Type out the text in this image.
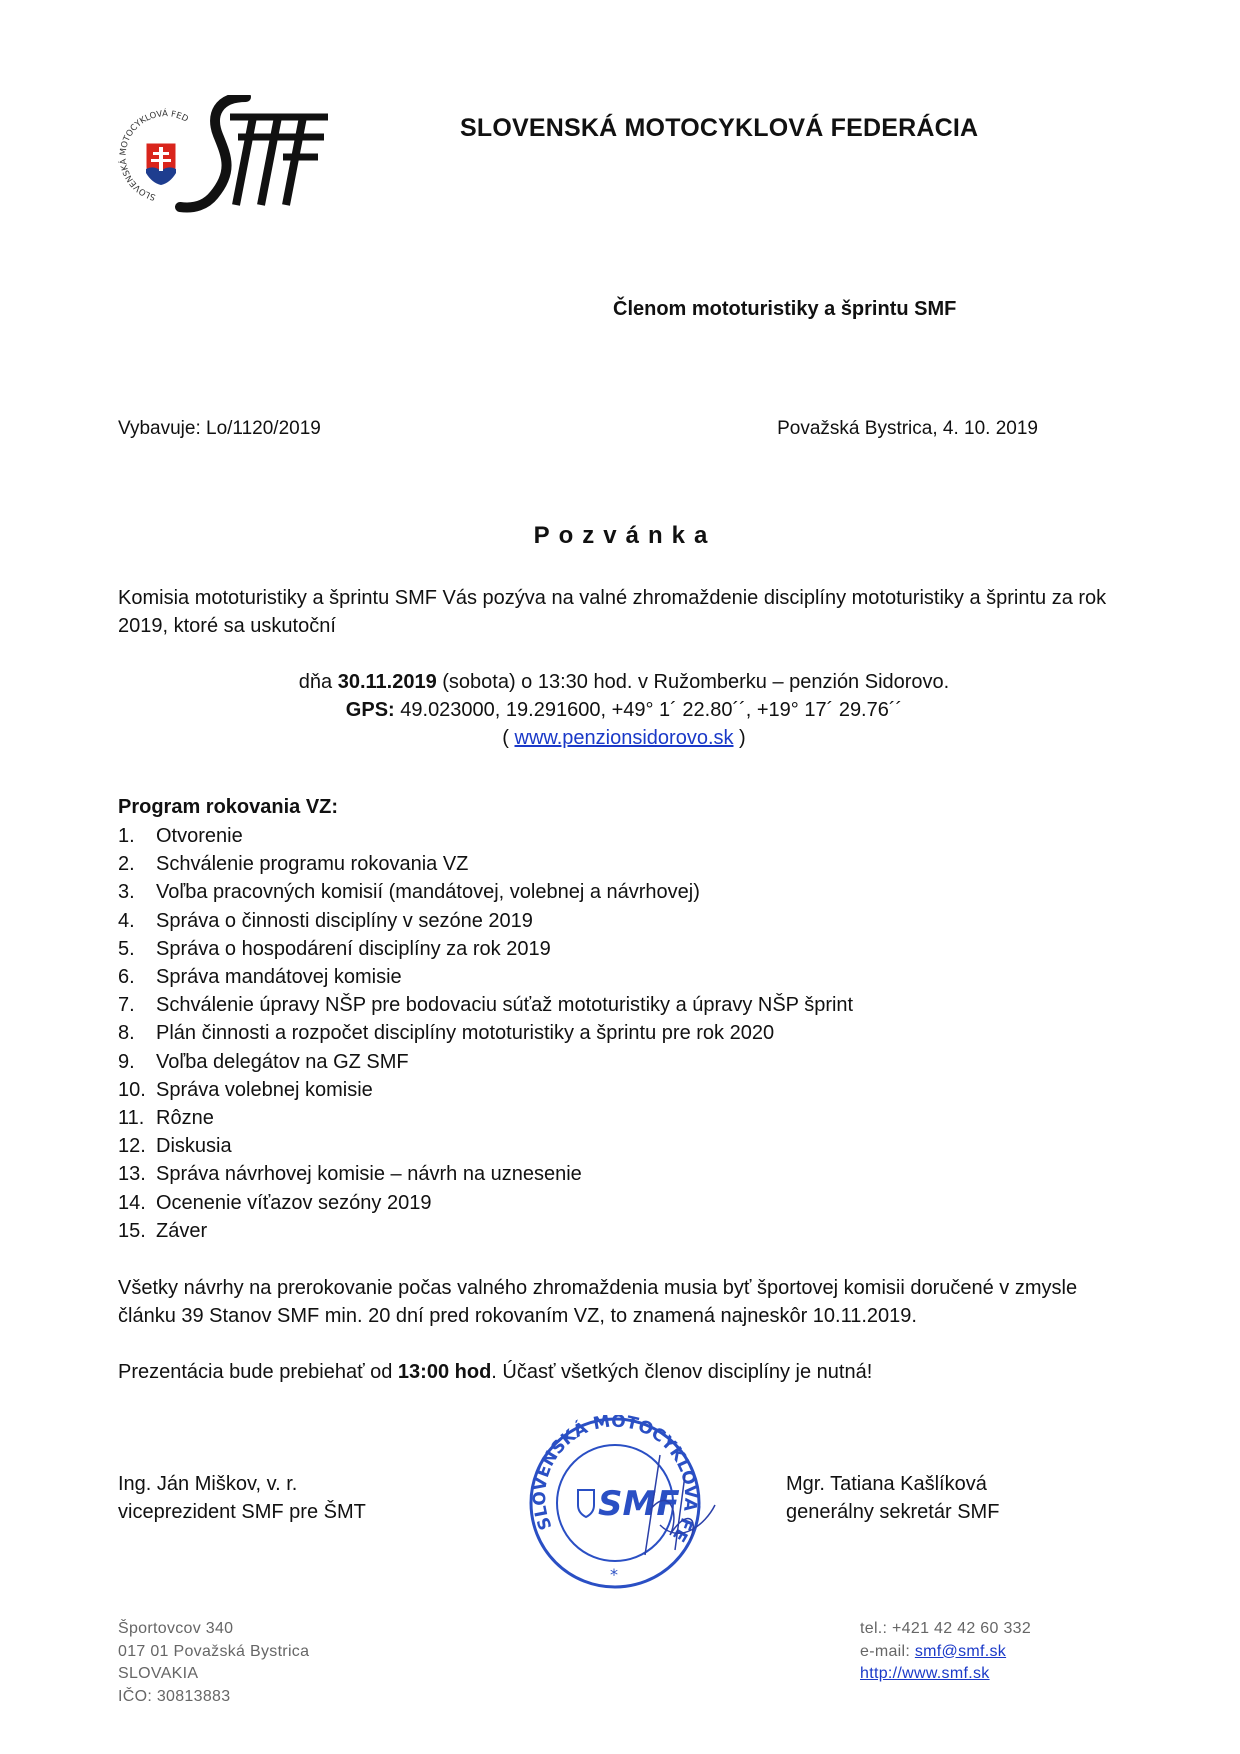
SLOVENSKÁ MOTOCYKLOVÁ FED
SMF
SLOVENSKÁ MOTOCYKLOVÁ FEDERÁCIA
Členom mototuristiky a šprintu SMF
Vybavuje: Lo/1120/2019	Považská Bystrica, 4. 10. 2019
Pozvánka
Komisia mototuristiky a šprintu SMF Vás pozýva na valné zhromaždenie disciplíny mototuristiky a šprintu za rok 2019, ktoré sa uskutoční
dňa 30.11.2019 (sobota) o 13:30 hod. v Ružomberku – penzión Sidorovo.
GPS: 49.023000, 19.291600, +49° 1´ 22.80´´, +19° 17´ 29.76´´
( www.penzionsidorovo.sk )
Program rokovania VZ:
1. Otvorenie
2. Schválenie programu rokovania VZ
3. Voľba pracovných komisií (mandátovej, volebnej a návrhovej)
4. Správa o činnosti disciplíny v sezóne 2019
5. Správa o hospodárení disciplíny za rok 2019
6. Správa mandátovej komisie
7. Schválenie úpravy NŠP pre bodovaciu súťaž mototuristiky a úpravy NŠP šprint
8. Plán činnosti a rozpočet disciplíny mototuristiky a šprintu pre rok 2020
9. Voľba delegátov na GZ SMF
10. Správa volebnej komisie
11. Rôzne
12. Diskusia
13. Správa návrhovej komisie – návrh na uznesenie
14. Ocenenie víťazov sezóny 2019
15. Záver
Všetky návrhy na prerokovanie počas valného zhromaždenia musia byť športovej komisii doručené v zmysle článku 39 Stanov SMF min. 20 dní pred rokovaním VZ, to znamená najneskôr 10.11.2019.
Prezentácia bude prebiehať od 13:00 hod. Účasť všetkých členov disciplíny je nutná!
Ing. Ján Miškov, v. r.
viceprezident SMF pre ŠMT
SLOVENSKÁ MOTOCYKLOVÁ FE
SMF
*
Mgr. Tatiana Kašlíková
generálny sekretár SMF
Športovcov 340
017 01 Považská Bystrica
SLOVAKIA
IČO: 30813883
tel.: +421 42 42 60 332
e-mail: smf@smf.sk
http://www.smf.sk
